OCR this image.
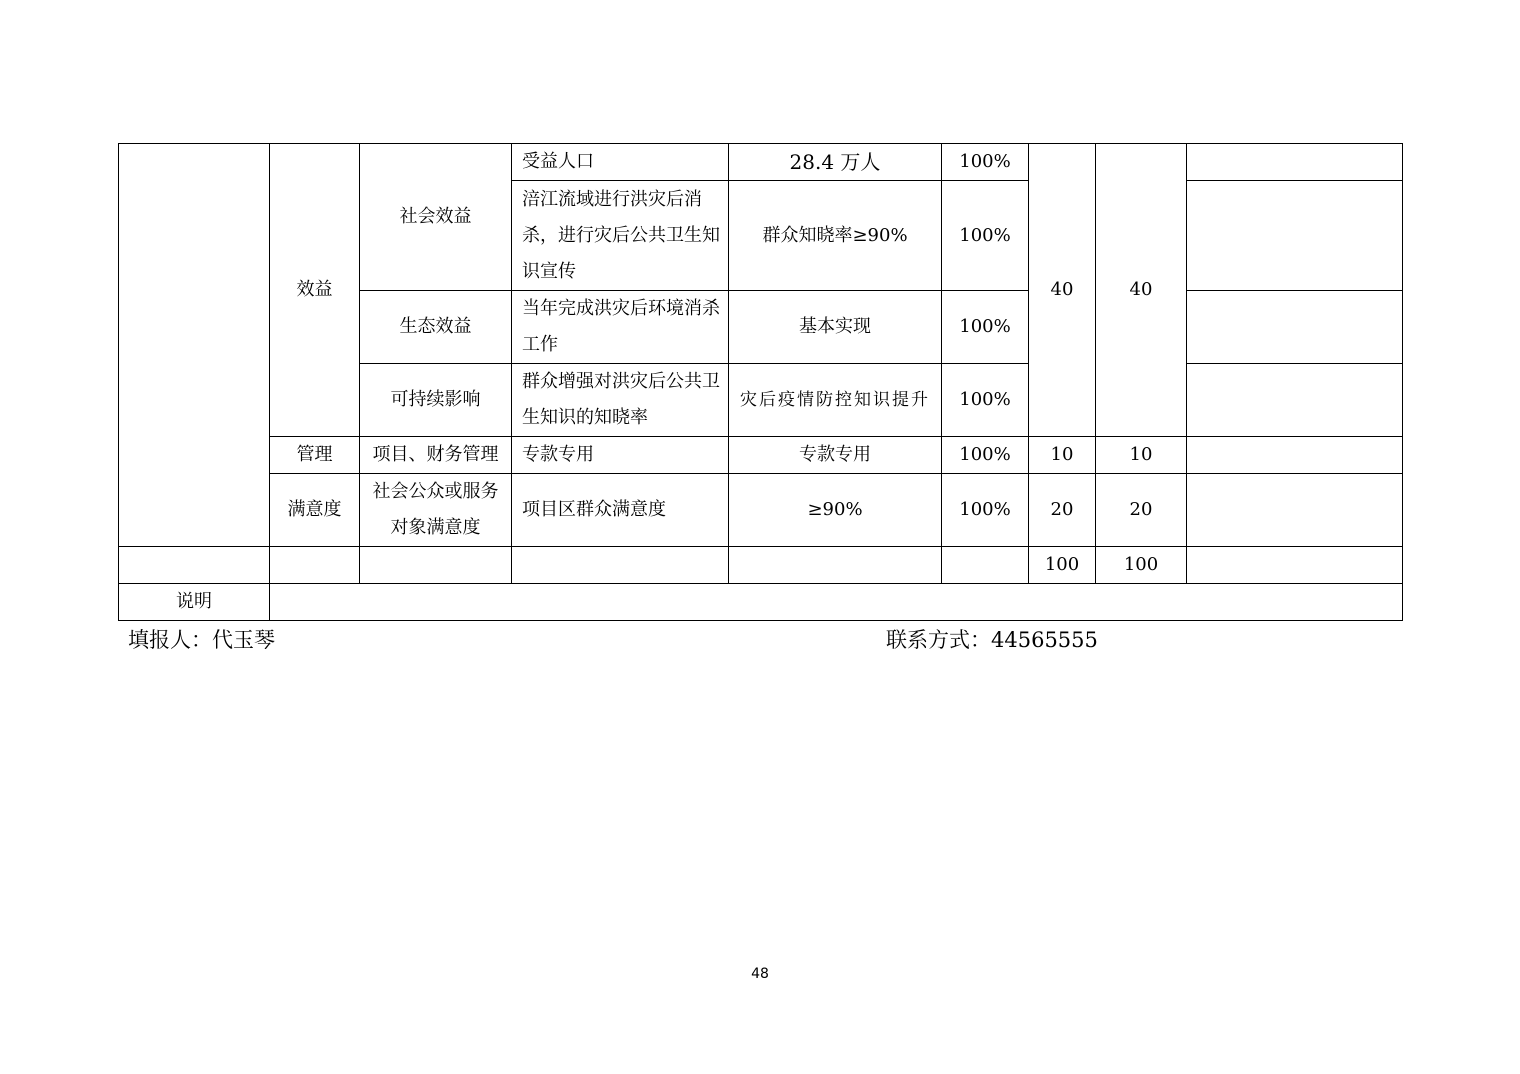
	效益	社会效益	受益人口	28.4 万人	100%	40	40	
			涪江流域进行洪灾后消杀，进行灾后公共卫生知识宣传	群众知晓率≥90%	100%			
		生态效益	当年完成洪灾后环境消杀工作	基本实现	100%			
		可持续影响	群众增强对洪灾后公共卫生知识的知晓率	灾后疫情防控知识提升	100%			
	管理	项目、财务管理	专款专用	专款专用	100%	10	10	
	满意度	社会公众或服务对象满意度	项目区群众满意度	≥90%	100%	20	20	
						100	100	
说明								
填报人：代玉琴	联系方式：44565555
48
